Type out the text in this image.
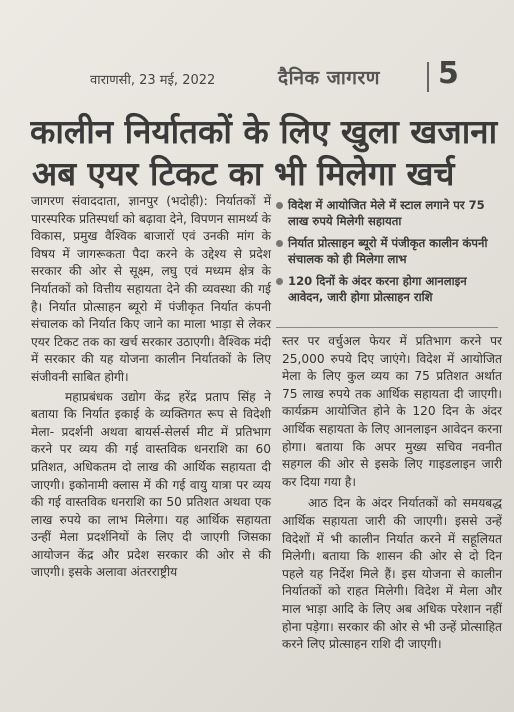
वाराणसी, 23 मई, 2022	दैनिक जागरण 5
कालीन निर्यातकों के लिए खुला खजाना
अब एयर टिकट का भी मिलेगा खर्च

जागरण संवाददाता, ज्ञानपुर (भदोही): निर्यातकों में पारस्परिक प्रतिस्पर्धा को बढ़ावा देने, विपणन सामर्थ्य के विकास, प्रमुख वैश्विक बाजारों एवं उनकी मांग के विषय में जागरूकता पैदा करने के उद्देश्य से प्रदेश सरकार की ओर से सूक्ष्म, लघु एवं मध्यम क्षेत्र के निर्यातकों को वित्तीय सहायता देने की व्यवस्था की गई है। निर्यात प्रोत्साहन ब्यूरो में पंजीकृत निर्यात कंपनी संचालक को निर्यात किए जाने का माला भाड़ा से लेकर एयर टिकट तक का खर्च सरकार उठाएगी। वैश्विक मंदी में सरकार की यह योजना कालीन निर्यातकों के लिए संजीवनी साबित होगी।

महाप्रबंधक उद्योग केंद्र हरेंद्र प्रताप सिंह ने बताया कि निर्यात इकाई के व्यक्तिगत रूप से विदेशी मेला- प्रदर्शनी अथवा बायर्स-सेलर्स मीट में प्रतिभाग करने पर व्यय की गई वास्तविक धनराशि का 60 प्रतिशत, अधिकतम दो लाख की आर्थिक सहायता दी जाएगी। इकोनामी क्लास में की गई वायु यात्रा पर व्यय की गई वास्तविक धनराशि का 50 प्रतिशत अथवा एक लाख रुपये का लाभ मिलेगा। यह आर्थिक सहायता उन्हीं मेला प्रदर्शनियों के लिए दी जाएगी जिसका आयोजन केंद्र और प्रदेश सरकार की ओर से की जाएगी। इसके अलावा अंतरराष्ट्रीय

विदेश में आयोजित मेले में स्टाल लगाने पर 75 लाख रुपये मिलेगी सहायता
निर्यात प्रोत्साहन ब्यूरो में पंजीकृत कालीन कंपनी संचालक को ही मिलेगा लाभ
120 दिनों के अंदर करना होगा आनलाइन आवेदन, जारी होगा प्रोत्साहन राशि

स्तर पर वर्चुअल फेयर में प्रतिभाग करने पर 25,000 रुपये दिए जाएंगे। विदेश में आयोजित मेला के लिए कुल व्यय का 75 प्रतिशत अर्थात 75 लाख रुपये तक आर्थिक सहायता दी जाएगी। कार्यक्रम आयोजित होने के 120 दिन के अंदर आर्थिक सहायता के लिए आनलाइन आवेदन करना होगा। बताया कि अपर मुख्य सचिव नवनीत सहगल की ओर से इसके लिए गाइडलाइन जारी कर दिया गया है।

आठ दिन के अंदर निर्यातकों को समयबद्ध आर्थिक सहायता जारी की जाएगी। इससे उन्हें विदेशों में भी कालीन निर्यात करने में सहूलियत मिलेगी। बताया कि शासन की ओर से दो दिन पहले यह निर्देश मिले हैं। इस योजना से कालीन निर्यातकों को राहत मिलेगी। विदेश में मेला और माल भाड़ा आदि के लिए अब अधिक परेशान नहीं होना पड़ेगा। सरकार की ओर से भी उन्हें प्रोत्साहित करने लिए प्रोत्साहन राशि दी जाएगी।
